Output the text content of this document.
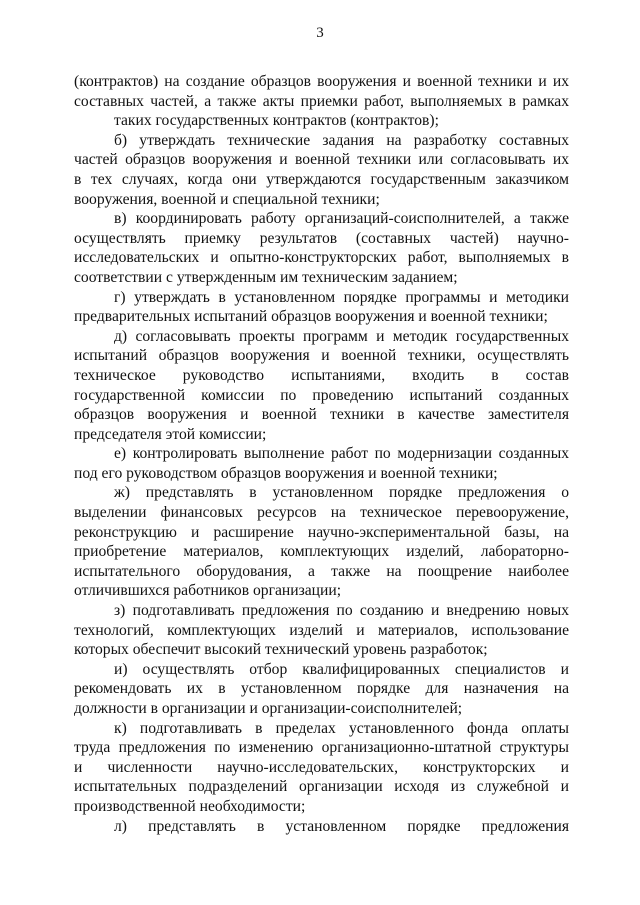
3
(контрактов) на создание образцов вооружения и военной техники и их
составных частей, а также акты приемки работ, выполняемых в рамках
таких государственных контрактов (контрактов);
б) утверждать технические задания на разработку составных
частей образцов вооружения и военной техники или согласовывать их
в тех случаях, когда они утверждаются государственным заказчиком
вооружения, военной и специальной техники;
в) координировать работу организаций-соисполнителей, а также
осуществлять приемку результатов (составных частей) научно-
исследовательских и опытно-конструкторских работ, выполняемых в
соответствии с утвержденным им техническим заданием;
г) утверждать в установленном порядке программы и методики
предварительных испытаний образцов вооружения и военной техники;
д) согласовывать проекты программ и методик государственных
испытаний образцов вооружения и военной техники, осуществлять
техническое руководство испытаниями, входить в состав
государственной комиссии по проведению испытаний созданных
образцов вооружения и военной техники в качестве заместителя
председателя этой комиссии;
е) контролировать выполнение работ по модернизации созданных
под его руководством образцов вооружения и военной техники;
ж) представлять в установленном порядке предложения о
выделении финансовых ресурсов на техническое перевооружение,
реконструкцию и расширение научно-экспериментальной базы, на
приобретение материалов, комплектующих изделий, лабораторно-
испытательного оборудования, а также на поощрение наиболее
отличившихся работников организации;
з) подготавливать предложения по созданию и внедрению новых
технологий, комплектующих изделий и материалов, использование
которых обеспечит высокий технический уровень разработок;
и) осуществлять отбор квалифицированных специалистов и
рекомендовать их в установленном порядке для назначения на
должности в организации и организации-соисполнителей;
к) подготавливать в пределах установленного фонда оплаты
труда предложения по изменению организационно-штатной структуры
и численности научно-исследовательских, конструкторских и
испытательных подразделений организации исходя из служебной и
производственной необходимости;
л) представлять в установленном порядке предложения
